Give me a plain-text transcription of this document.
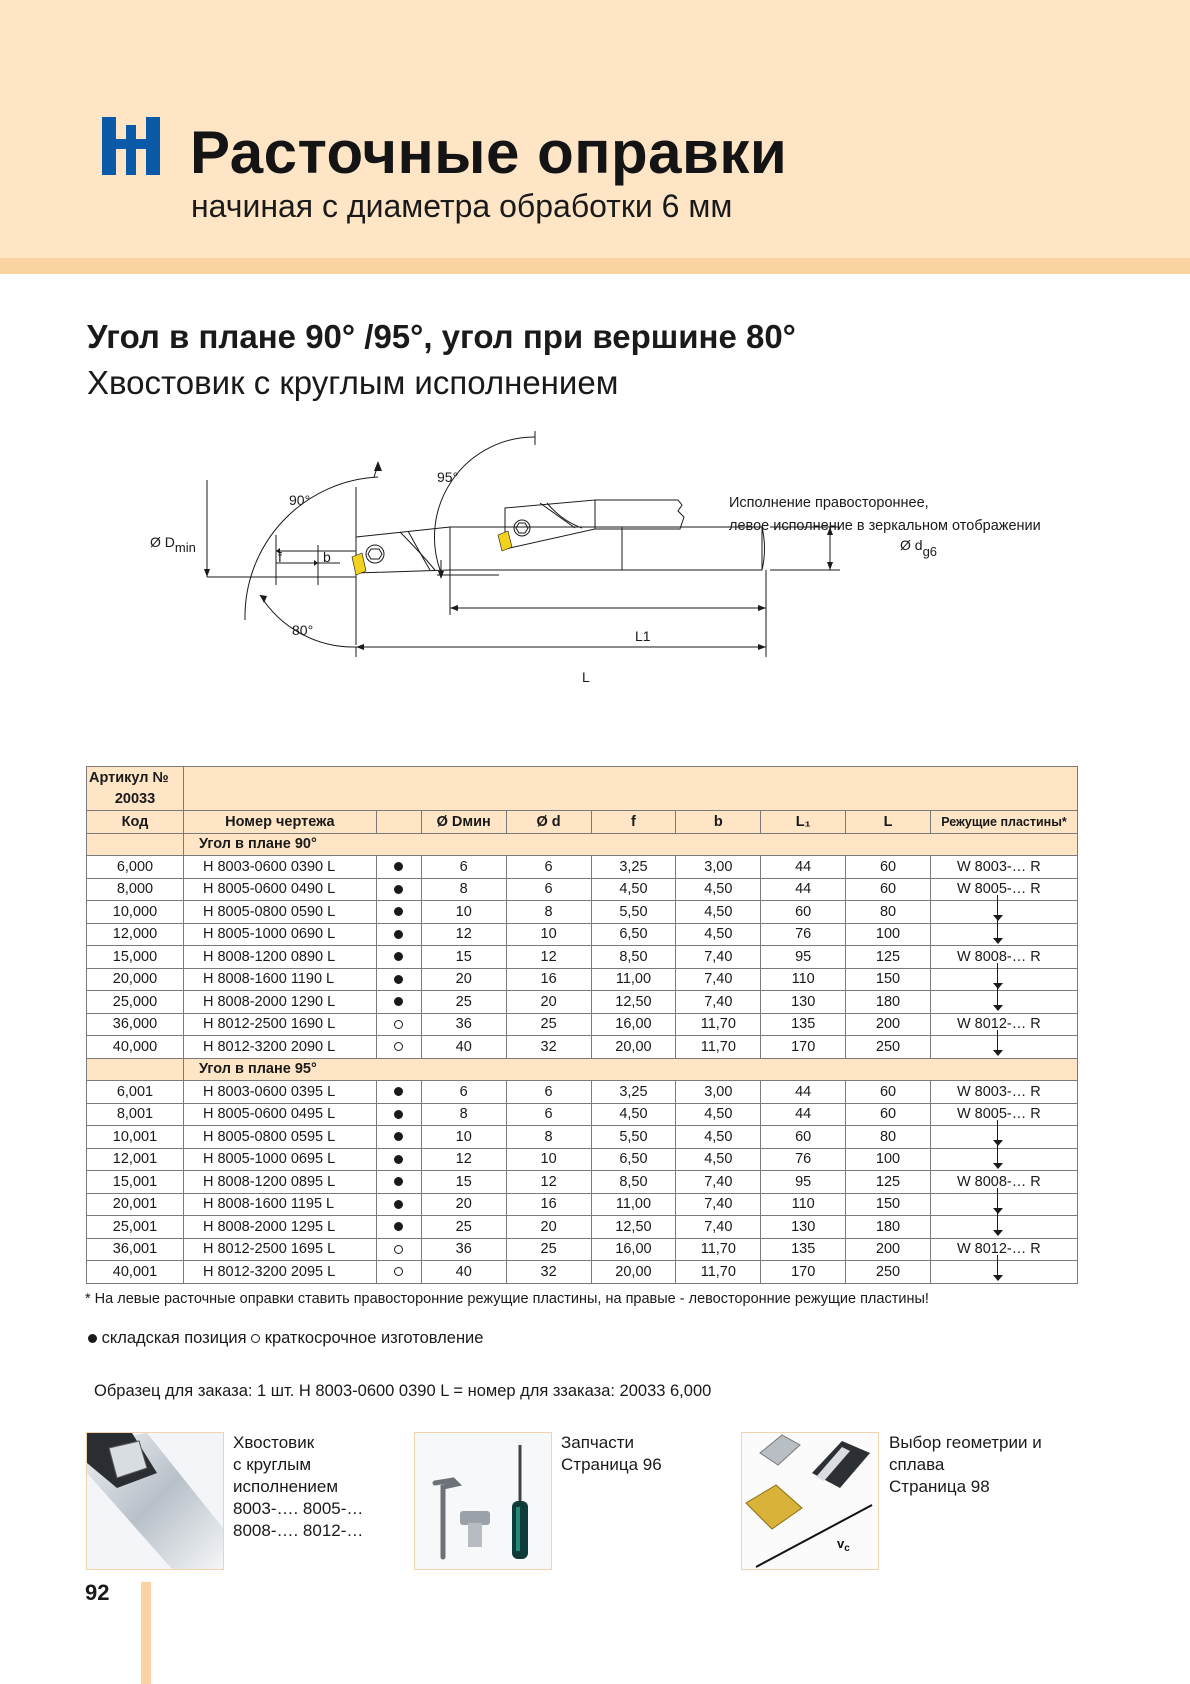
Расточные оправки
начиная с диаметра обработки 6 мм
Угол в плане 90° /95°, угол при вершине 80°
Хвостовик с круглым исполнением
95°
90°
80°
Ø Dmin
f	b
Ø dg6
L1
L
Исполнение правостороннее,
левое исполнение в зеркальном отображении
Артикул №									
20033									
Код	Номер чертежа		Ø Dмин	Ø d	f	b	L₁	L	Режущие пластины*
	Угол в плане 90°								
6,000	H 8003-0600 0390 L		6	6	3,25	3,00	44	60	W 8003-… R
8,000	H 8005-0600 0490 L		8	6	4,50	4,50	44	60	W 8005-… R
10,000	H 8005-0800 0590 L		10	8	5,50	4,50	60	80	
12,000	H 8005-1000 0690 L		12	10	6,50	4,50	76	100	
15,000	H 8008-1200 0890 L		15	12	8,50	7,40	95	125	W 8008-… R
20,000	H 8008-1600 1190 L		20	16	11,00	7,40	110	150	
25,000	H 8008-2000 1290 L		25	20	12,50	7,40	130	180	
36,000	H 8012-2500 1690 L		36	25	16,00	11,70	135	200	W 8012-… R
40,000	H 8012-3200 2090 L		40	32	20,00	11,70	170	250	
	Угол в плане 95°								
6,001	H 8003-0600 0395 L		6	6	3,25	3,00	44	60	W 8003-… R
8,001	H 8005-0600 0495 L		8	6	4,50	4,50	44	60	W 8005-… R
10,001	H 8005-0800 0595 L		10	8	5,50	4,50	60	80	
12,001	H 8005-1000 0695 L		12	10	6,50	4,50	76	100	
15,001	H 8008-1200 0895 L		15	12	8,50	7,40	95	125	W 8008-… R
20,001	H 8008-1600 1195 L		20	16	11,00	7,40	110	150	
25,001	H 8008-2000 1295 L		25	20	12,50	7,40	130	180	
36,001	H 8012-2500 1695 L		36	25	16,00	11,70	135	200	W 8012-… R
40,001	H 8012-3200 2095 L		40	32	20,00	11,70	170	250	
* На левые расточные оправки ставить правосторонние режущие пластины, на правые - левосторонние режущие пластины!
складская позиция краткосрочное изготовление
Образец для заказа: 1 шт. H 8003-0600 0390 L = номер для ззаказа: 20033 6,000
Хвостовик
с круглым
исполнением
8003-…. 8005-…
8008-…. 8012-…
Запчасти
Страница 96
$v_c$
Выбор геометрии и
сплава
Страница 98
92
